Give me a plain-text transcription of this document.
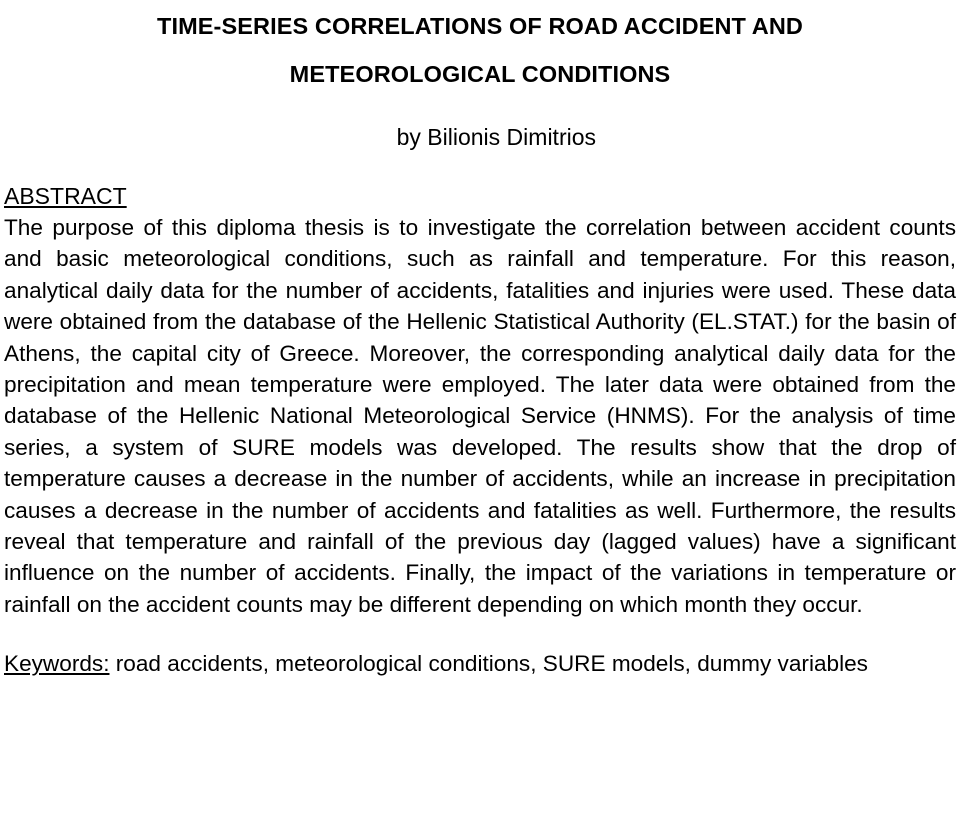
TIME-SERIES CORRELATIONS OF ROAD ACCIDENT AND
METEOROLOGICAL CONDITIONS

by Bilionis Dimitrios

ABSTRACT

The purpose of this diploma thesis is to investigate the correlation between accident counts and basic meteorological conditions, such as rainfall and temperature. For this reason, analytical daily data for the number of accidents, fatalities and injuries were used. These data were obtained from the database of the Hellenic Statistical Authority (EL.STAT.) for the basin of Athens, the capital city of Greece. Moreover, the corresponding analytical daily data for the precipitation and mean temperature were employed. The later data were obtained from the database of the Hellenic National Meteorological Service (HNMS). For the analysis of time series, a system of SURE models was developed. The results show that the drop of temperature causes a decrease in the number of accidents, while an increase in precipitation causes a decrease in the number of accidents and fatalities as well. Furthermore, the results reveal that temperature and rainfall of the previous day (lagged values) have a significant influence on the number of accidents. Finally, the impact of the variations in temperature or rainfall on the accident counts may be different depending on which month they occur.

Keywords: road accidents, meteorological conditions, SURE models, dummy variables
